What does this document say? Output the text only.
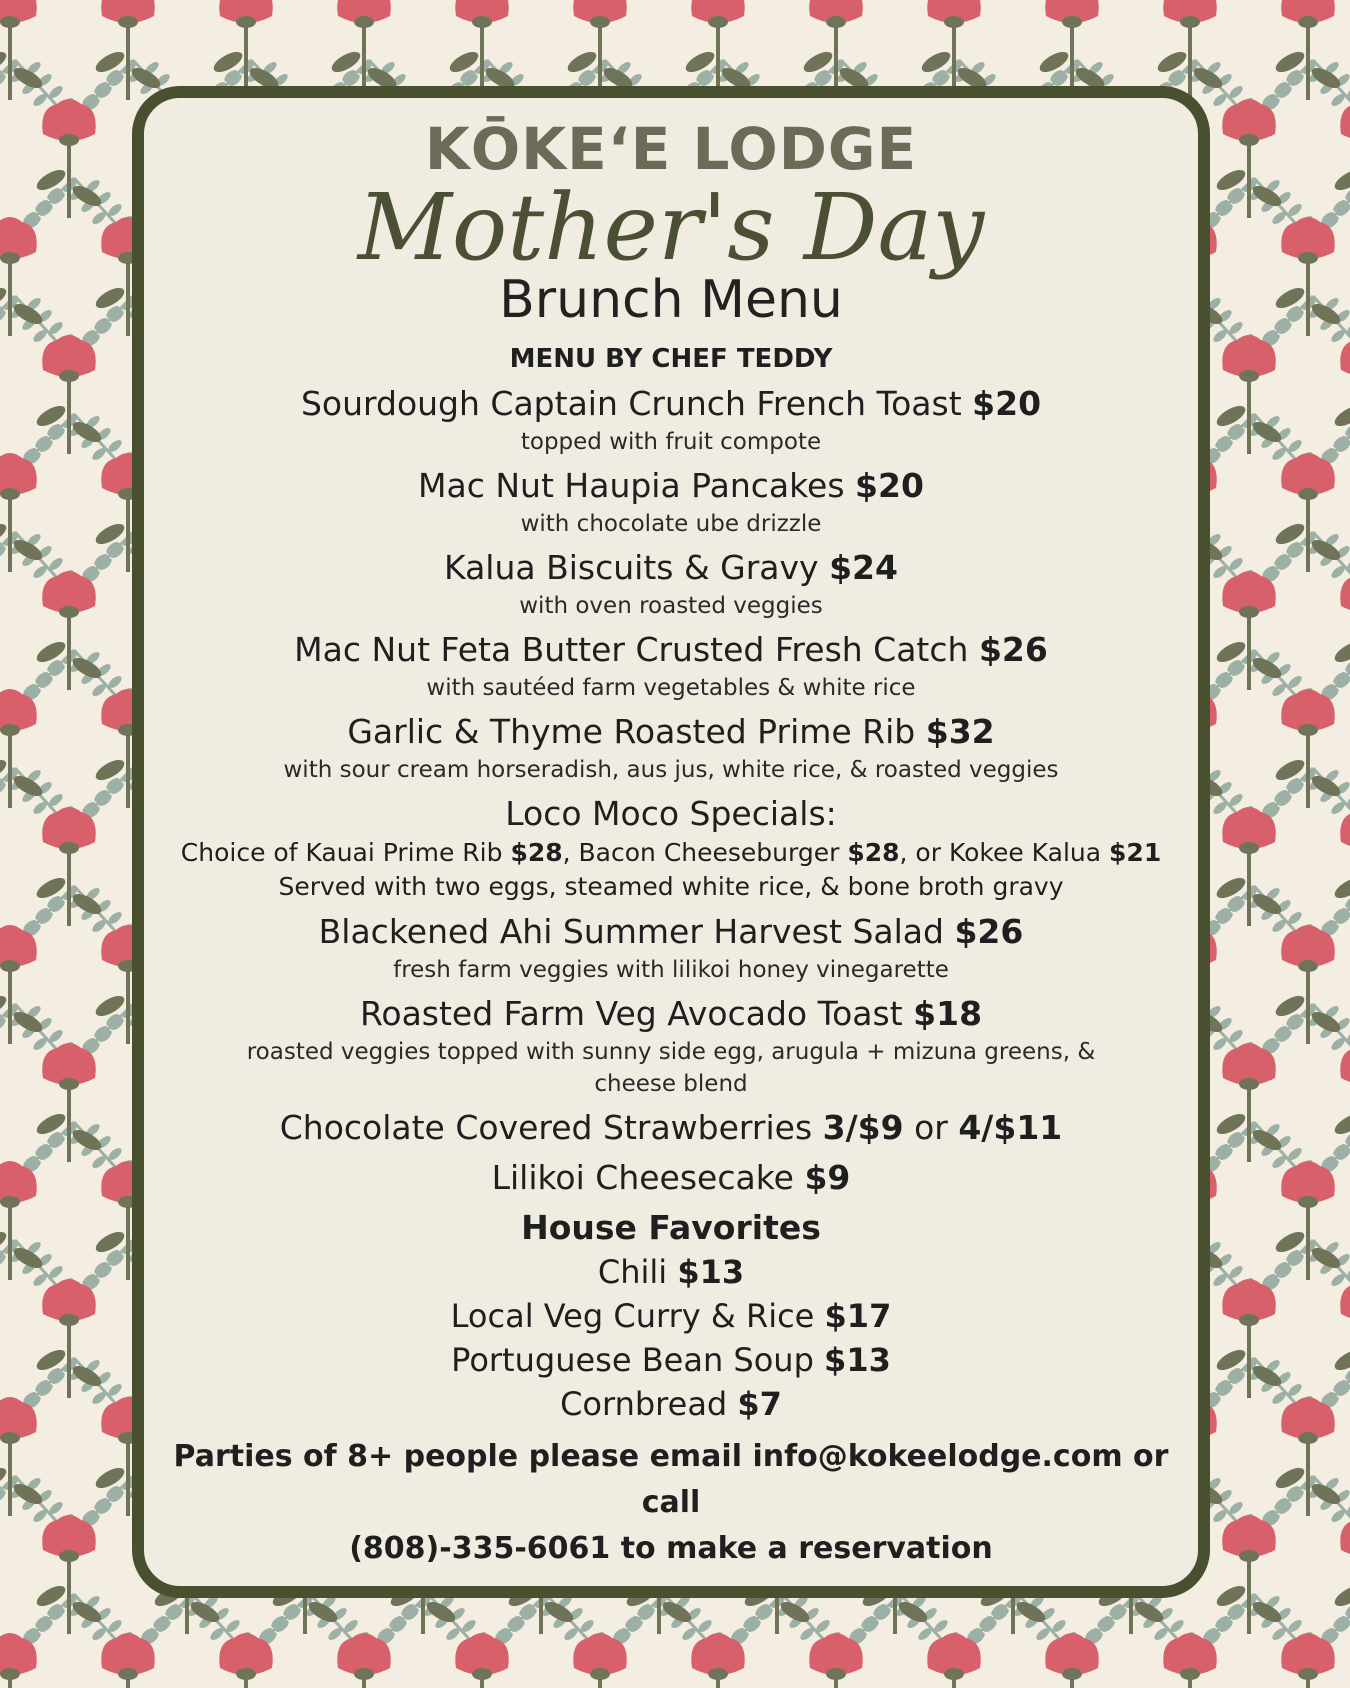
KŌKEʻE LODGE
Mother's Day
Brunch Menu
MENU BY CHEF TEDDY
Sourdough Captain Crunch French Toast $20
topped with fruit compote
Mac Nut Haupia Pancakes $20
with chocolate ube drizzle
Kalua Biscuits & Gravy $24
with oven roasted veggies
Mac Nut Feta Butter Crusted Fresh Catch $26
with sautéed farm vegetables & white rice
Garlic & Thyme Roasted Prime Rib $32
with sour cream horseradish, aus jus, white rice, & roasted veggies
Loco Moco Specials:
Choice of Kauai Prime Rib $28, Bacon Cheeseburger $28, or Kokee Kalua $21
Served with two eggs, steamed white rice, & bone broth gravy
Blackened Ahi Summer Harvest Salad $26
fresh farm veggies with lilikoi honey vinegarette
Roasted Farm Veg Avocado Toast $18
roasted veggies topped with sunny side egg, arugula + mizuna greens, & cheese blend
Chocolate Covered Strawberries 3/$9 or 4/$11
Lilikoi Cheesecake $9
House Favorites
Chili $13
Local Veg Curry & Rice $17
Portuguese Bean Soup $13
Cornbread $7
Parties of 8+ people please email info@kokeelodge.com or call
(808)-335-6061 to make a reservation
